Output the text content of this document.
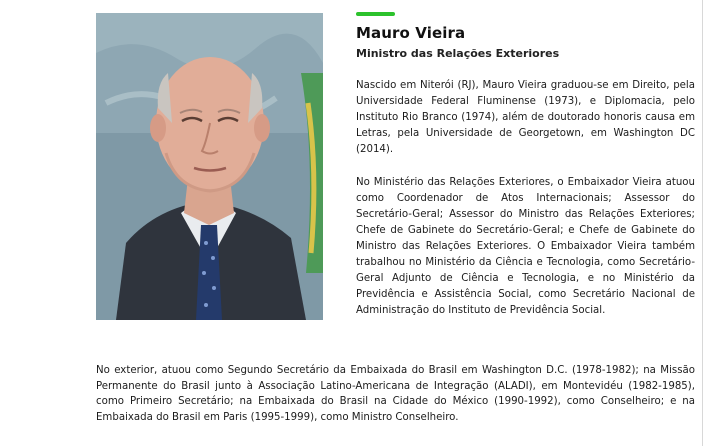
Mauro Vieira
Ministro das Relações Exteriores

Nascido em Niterói (RJ), Mauro Vieira graduou-se em Direito, pela Universidade Federal Fluminense (1973), e Diplomacia, pelo Instituto Rio Branco (1974), além de doutorado honoris causa em Letras, pela Universidade de Georgetown, em Washington DC (2014).

No Ministério das Relações Exteriores, o Embaixador Vieira atuou como Coordenador de Atos Internacionais; Assessor do Secretário-Geral; Assessor do Ministro das Relações Exteriores; Chefe de Gabinete do Secretário-Geral; e Chefe de Gabinete do Ministro das Relações Exteriores. O Embaixador Vieira também trabalhou no Ministério da Ciência e Tecnologia, como Secretário-Geral Adjunto de Ciência e Tecnologia, e no Ministério da Previdência e Assistência Social, como Secretário Nacional de Administração do Instituto de Previdência Social.

No exterior, atuou como Segundo Secretário da Embaixada do Brasil em Washington D.C. (1978-1982); na Missão Permanente do Brasil junto à Associação Latino-Americana de Integração (ALADI), em Montevidéu (1982-1985), como Primeiro Secretário; na Embaixada do Brasil na Cidade do México (1990-1992), como Conselheiro; e na Embaixada do Brasil em Paris (1995-1999), como Ministro Conselheiro.
